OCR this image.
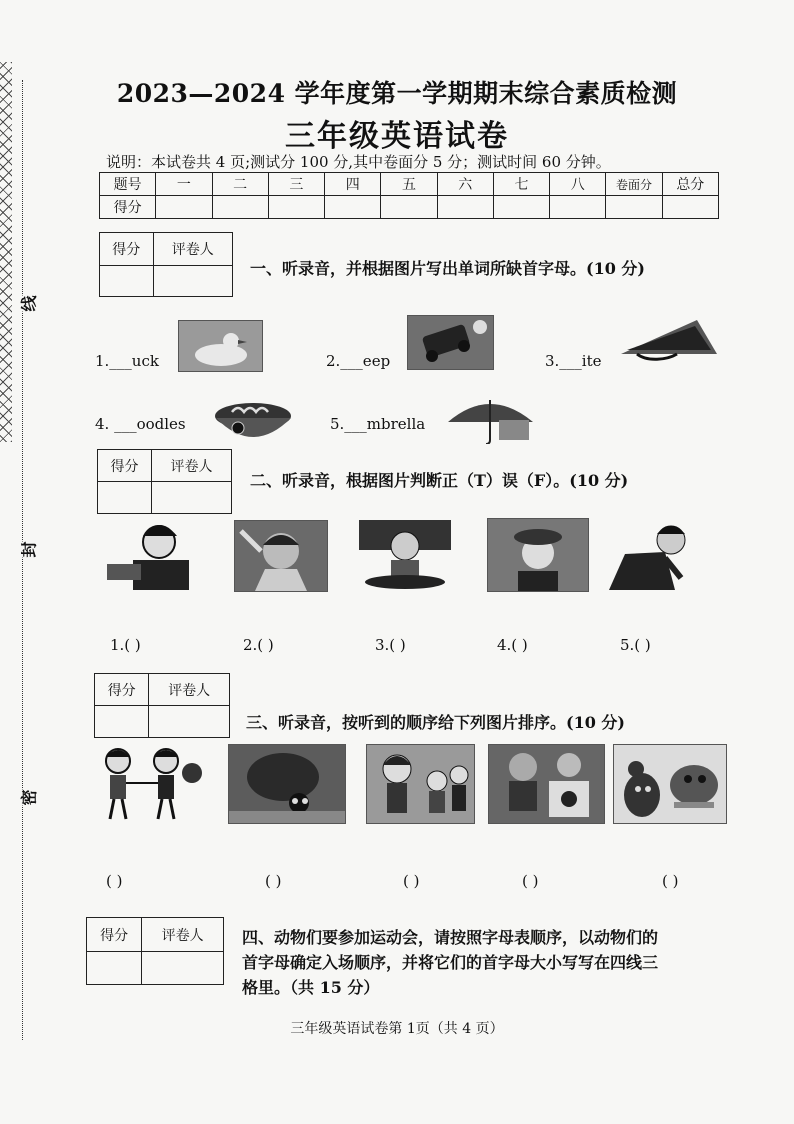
线
封
密
2023—2024 学年度第一学期期末综合素质检测
三年级英语试卷
说明：本试卷共 4 页;测试分 100 分,其中卷面分 5 分；测试时间 60 分钟。
题号	一	二	三	四	五	六	七	八	卷面分	总分
得分										
得分	评卷人

一、听录音，并根据图片写出单词所缺首字母。(10 分)
1.___uck	2.___eep	3.___ite
4. ___oodles	5.___mbrella
得分	评卷人

二、听录音，根据图片判断正（T）误（F）。(10 分)
1.( )	2.( )	3.( )	4.( )	5.( )
得分	评卷人

三、听录音，按听到的顺序给下列图片排序。(10 分)
( )	( )	( )	( )	( )
得分	评卷人
	四、动物们要参加运动会，请按照字母表顺序，以动物们的
首字母确定入场顺序，并将它们的首字母大小写写在四线三
格里。（共 15 分）
三年级英语试卷第 1页（共 4 页）
